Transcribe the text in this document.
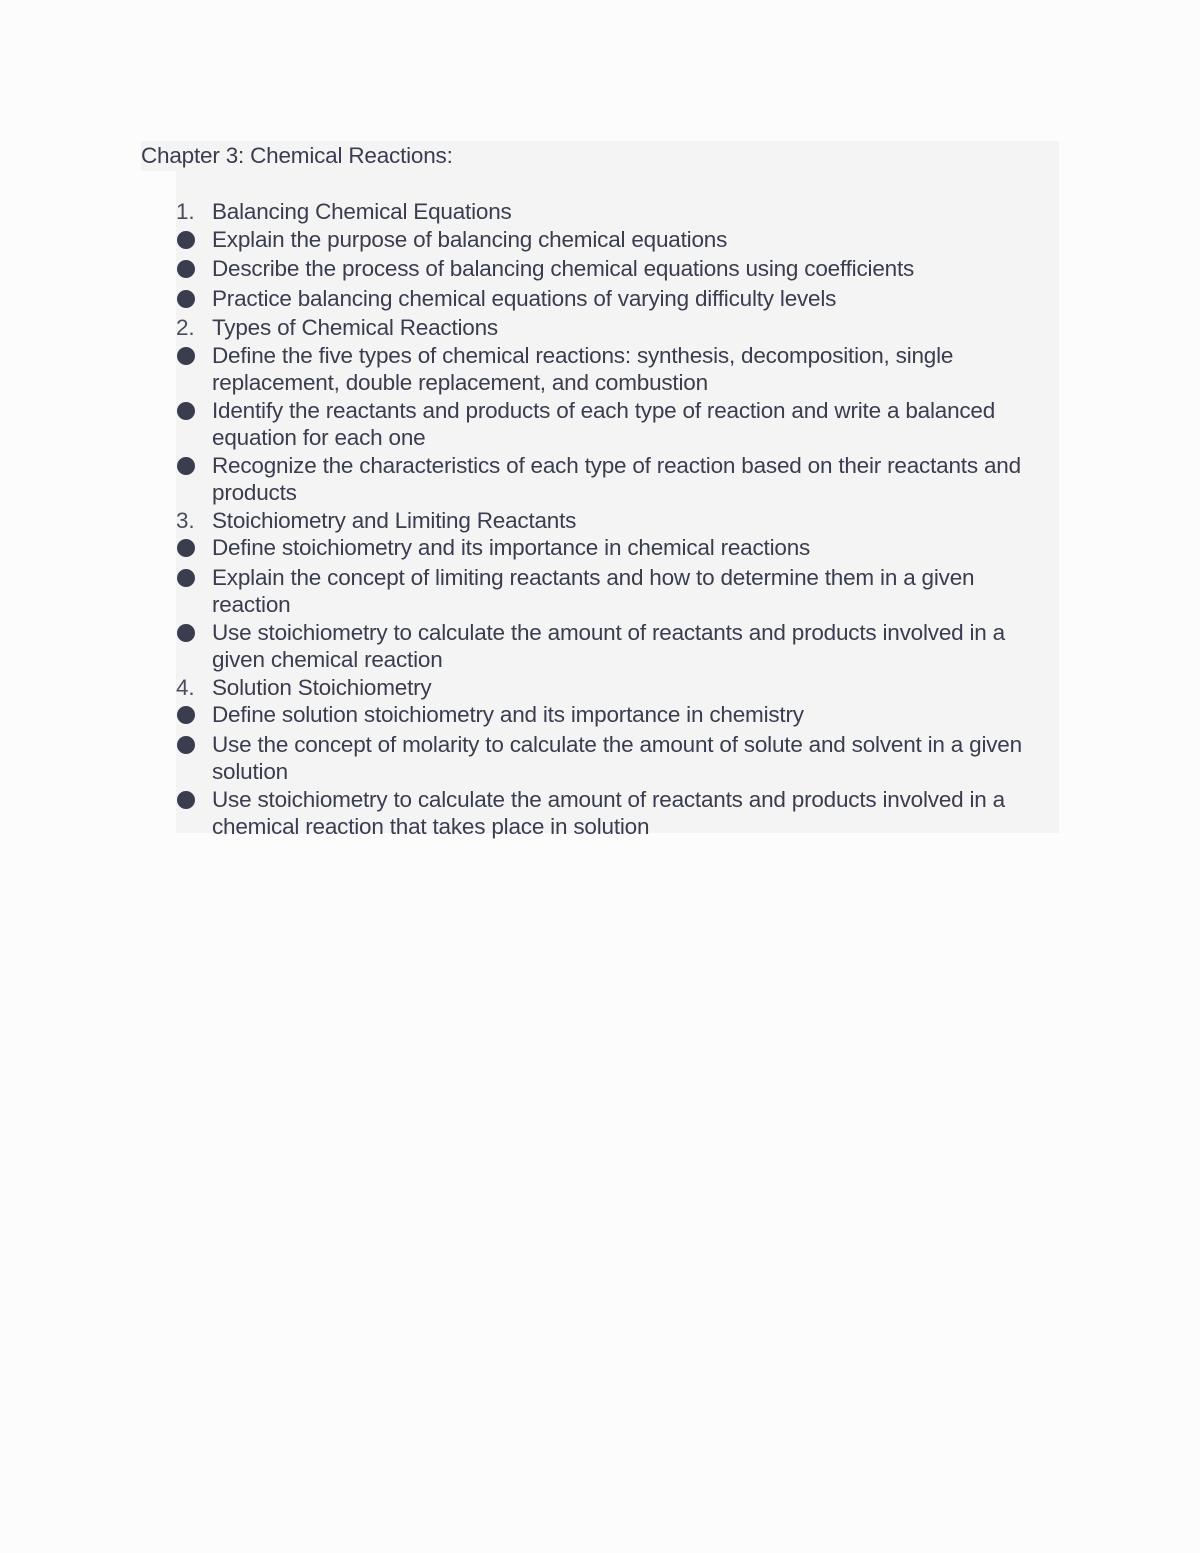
Chapter 3: Chemical Reactions:
1. Balancing Chemical Equations
Explain the purpose of balancing chemical equations
Describe the process of balancing chemical equations using coefficients
Practice balancing chemical equations of varying difficulty levels
2. Types of Chemical Reactions
Define the five types of chemical reactions: synthesis, decomposition, single replacement, double replacement, and combustion
Identify the reactants and products of each type of reaction and write a balanced equation for each one
Recognize the characteristics of each type of reaction based on their reactants and products
3. Stoichiometry and Limiting Reactants
Define stoichiometry and its importance in chemical reactions
Explain the concept of limiting reactants and how to determine them in a given reaction
Use stoichiometry to calculate the amount of reactants and products involved in a given chemical reaction
4. Solution Stoichiometry
Define solution stoichiometry and its importance in chemistry
Use the concept of molarity to calculate the amount of solute and solvent in a given solution
Use stoichiometry to calculate the amount of reactants and products involved in a chemical reaction that takes place in solution
